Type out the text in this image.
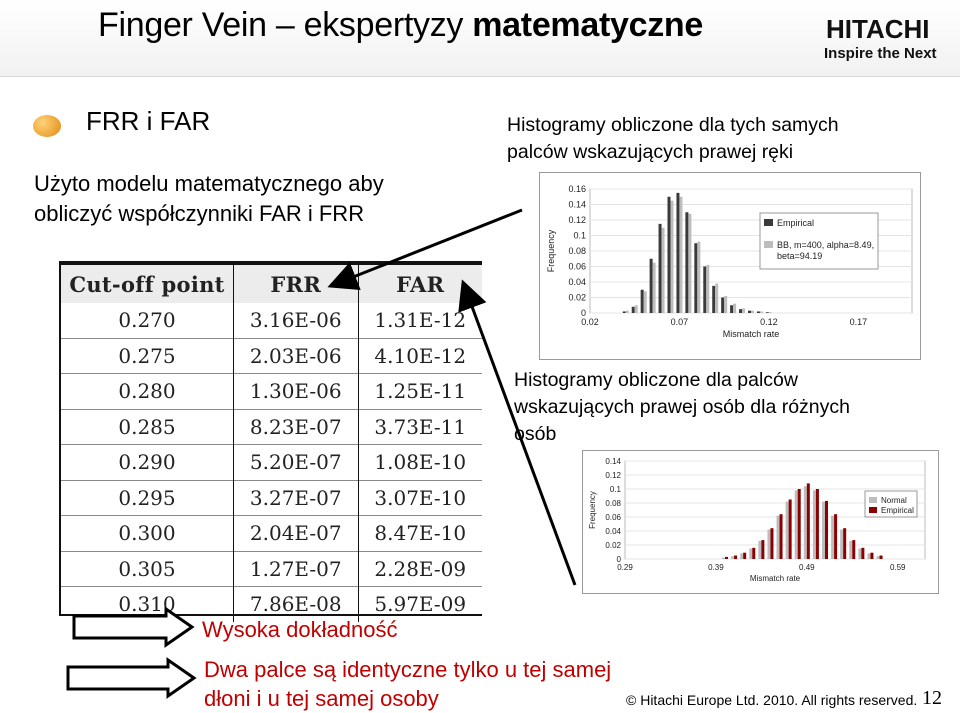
Finger Vein – ekspertyzy matematyczne	HITACHI
Inspire the Next
FRR i FAR
Użyto modelu matematycznego aby
obliczyć współczynniki FAR i FRR
Cut-off point	FRR	FAR
0.270	3.16E-06	1.31E-12
0.275	2.03E-06	4.10E-12
0.280	1.30E-06	1.25E-11
0.285	8.23E-07	3.73E-11
0.290	5.20E-07	1.08E-10
0.295	3.27E-07	3.07E-10
0.300	2.04E-07	8.47E-10
0.305	1.27E-07	2.28E-09
0.310	7.86E-08	5.97E-09
Histogramy obliczone dla tych samych
palców wskazujących prawej ręki
Histogramy obliczone dla palców
wskazujących prawej osób dla różnych
osób
0
0.02
0.04
0.06
0.08
0.1
0.12
0.14
0.16
0.02	0.07	0.12	0.17
Mismatch rate
Frequency
Empirical
BB, m=400, alpha=8.49,
beta=94.19
0
0.02
0.04
0.06
0.08
0.1
0.12
0.14
0.29	0.39	0.49	0.59
Mismatch rate
Frequency	Normal
Empirical
Wysoka dokładność
Dwa palce są identyczne tylko u tej samej
dłoni i u tej samej osoby	© Hitachi Europe Ltd. 2010. All rights reserved. 12
